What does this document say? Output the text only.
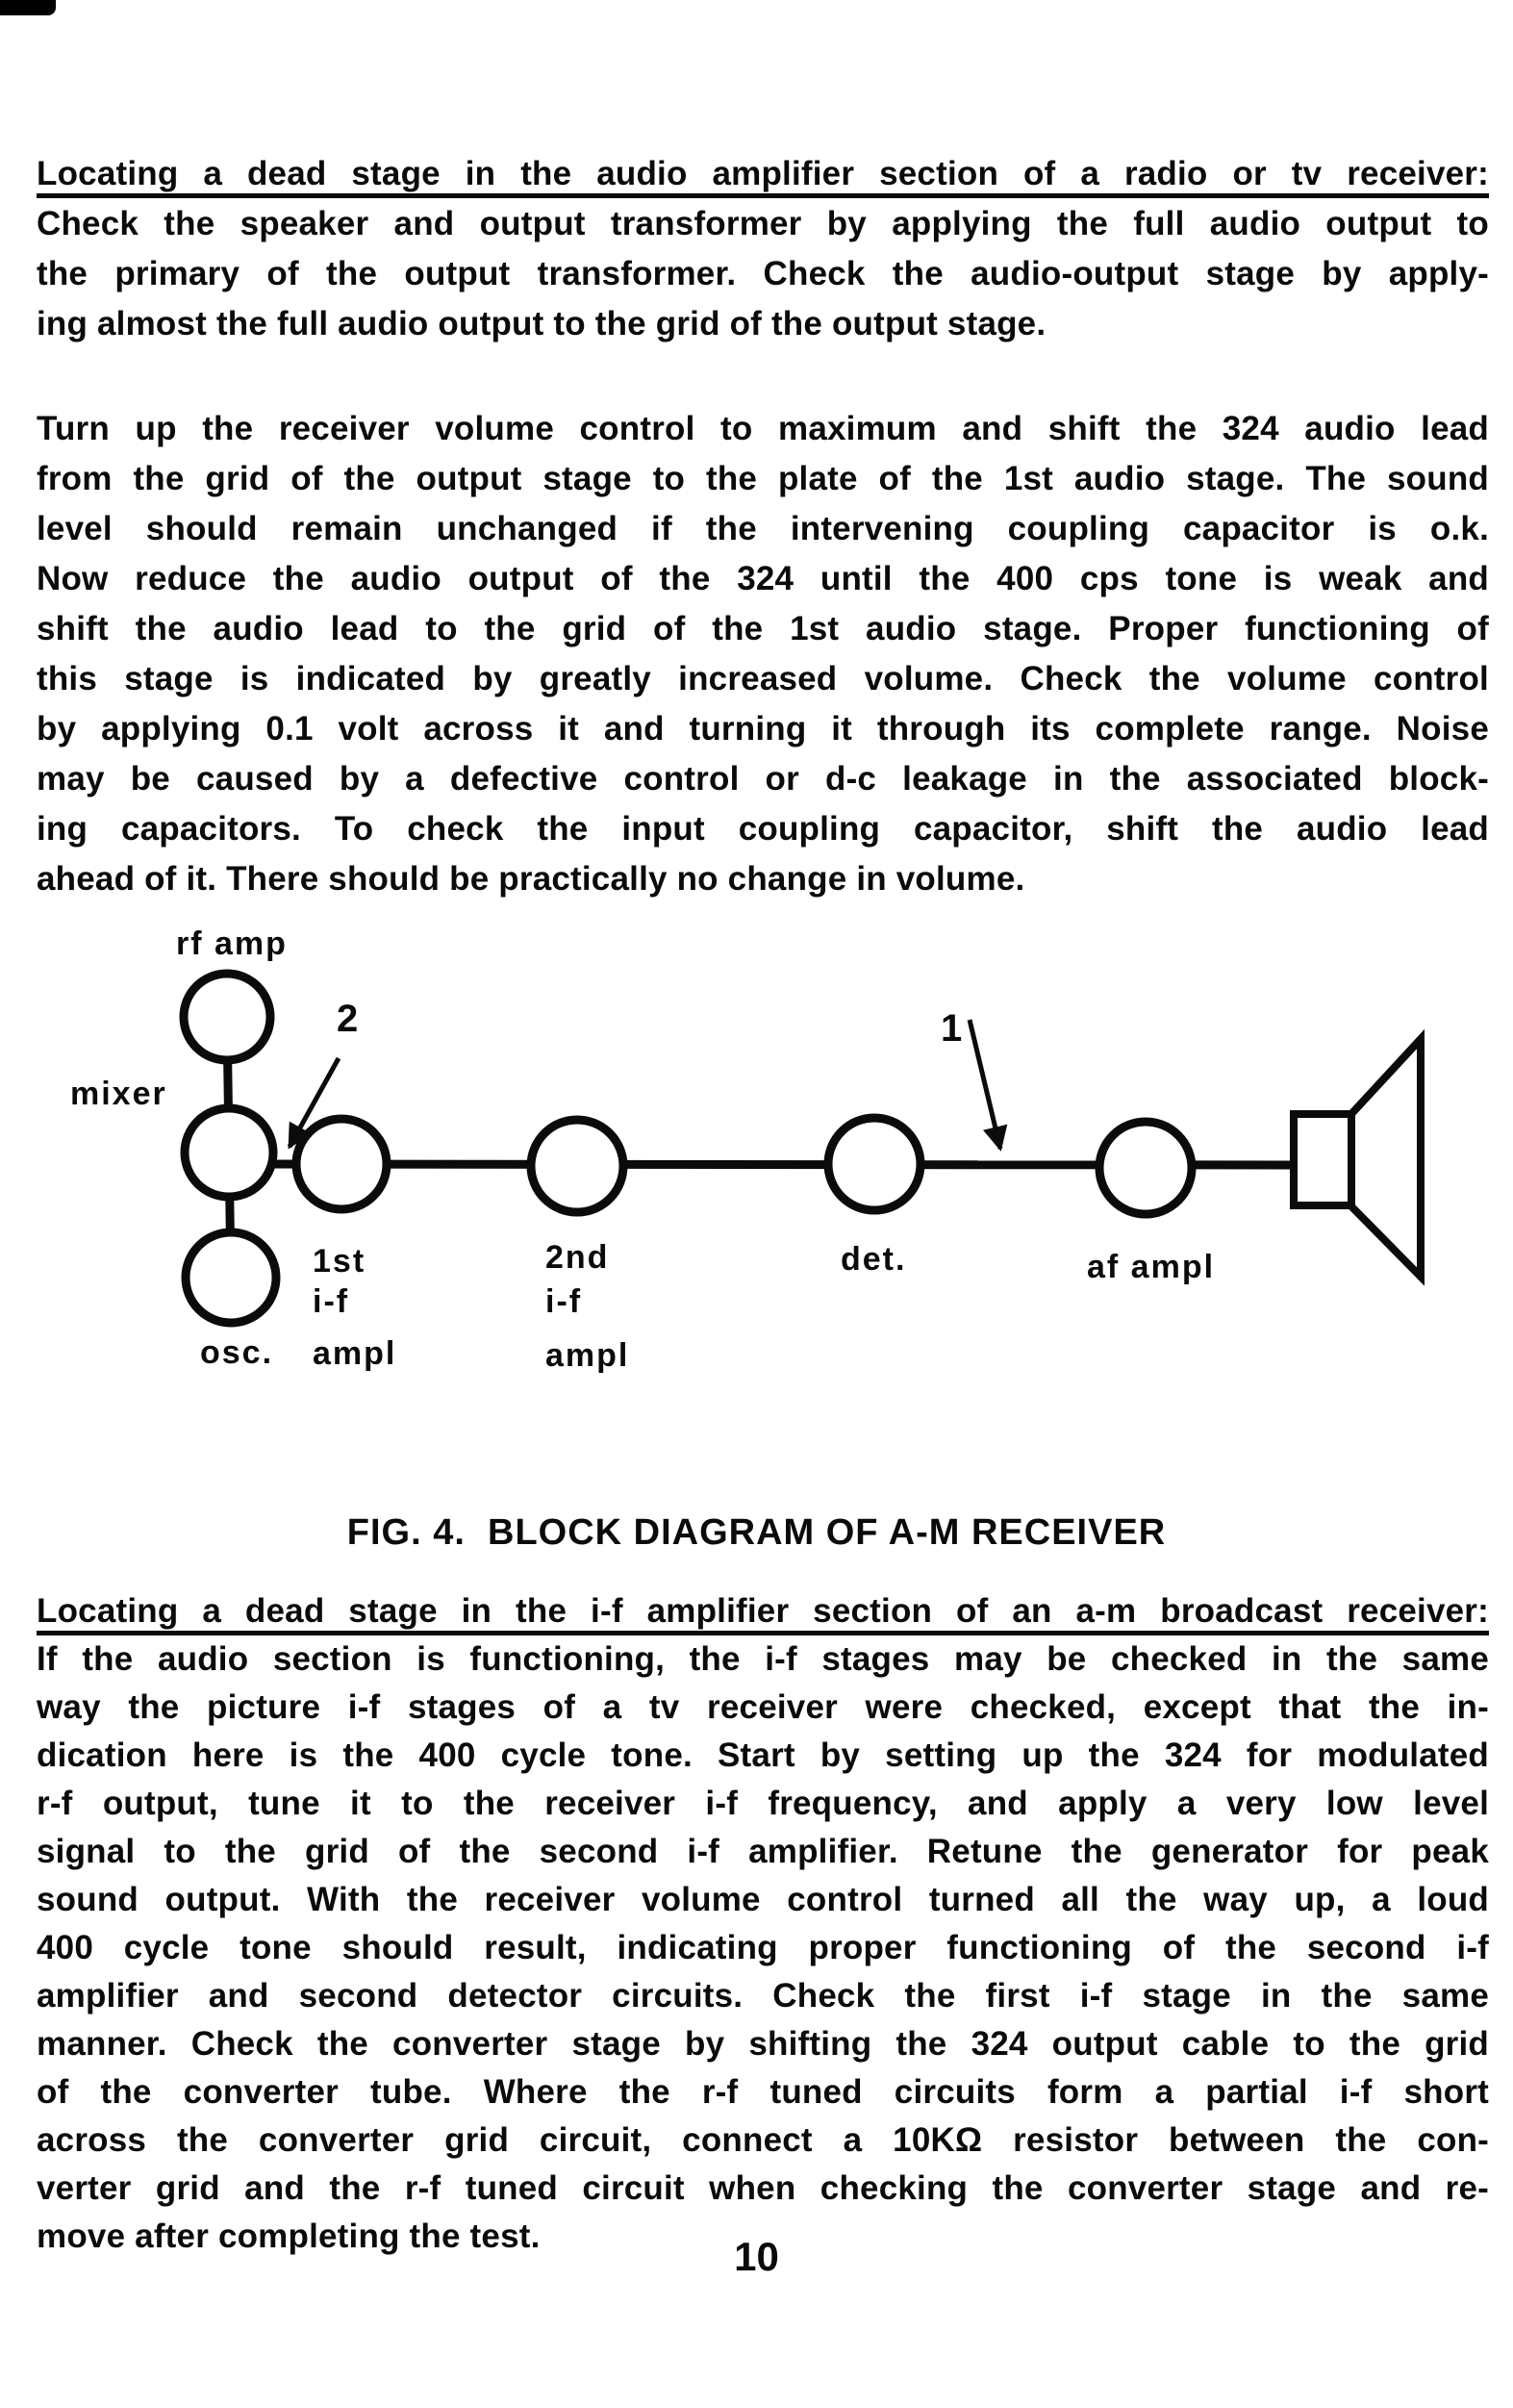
Locating a dead stage in the audio amplifier section of a radio or tv receiver:
Check the speaker and output transformer by applying the full audio output to
the primary of the output transformer. Check the audio-output stage by apply-
ing almost the full audio output to the grid of the output stage.
Turn up the receiver volume control to maximum and shift the 324 audio lead
from the grid of the output stage to the plate of the 1st audio stage. The sound
level should remain unchanged if the intervening coupling capacitor is o.k.
Now reduce the audio output of the 324 until the 400 cps tone is weak and
shift the audio lead to the grid of the 1st audio stage. Proper functioning of
this stage is indicated by greatly increased volume. Check the volume control
by applying 0.1 volt across it and turning it through its complete range. Noise
may be caused by a defective control or d-c leakage in the associated block-
ing capacitors. To check the input coupling capacitor, shift the audio lead
ahead of it. There should be practically no change in volume.
2	1
rf amp
mixer
osc.
1st
i-f
ampl
2nd
i-f
ampl
det.	af ampl
FIG. 4.  BLOCK DIAGRAM OF A-M RECEIVER
Locating a dead stage in the i-f amplifier section of an a-m broadcast receiver:
If the audio section is functioning, the i-f stages may be checked in the same
way the picture i-f stages of a tv receiver were checked, except that the in-
dication here is the 400 cycle tone. Start by setting up the 324 for modulated
r-f output, tune it to the receiver i-f frequency, and apply a very low level
signal to the grid of the second i-f amplifier. Retune the generator for peak
sound output. With the receiver volume control turned all the way up, a loud
400 cycle tone should result, indicating proper functioning of the second i-f
amplifier and second detector circuits. Check the first i-f stage in the same
manner. Check the converter stage by shifting the 324 output cable to the grid
of the converter tube. Where the r-f tuned circuits form a partial i-f short
across the converter grid circuit, connect a 10KΩ resistor between the con-
verter grid and the r-f tuned circuit when checking the converter stage and re-
move after completing the test.	10
